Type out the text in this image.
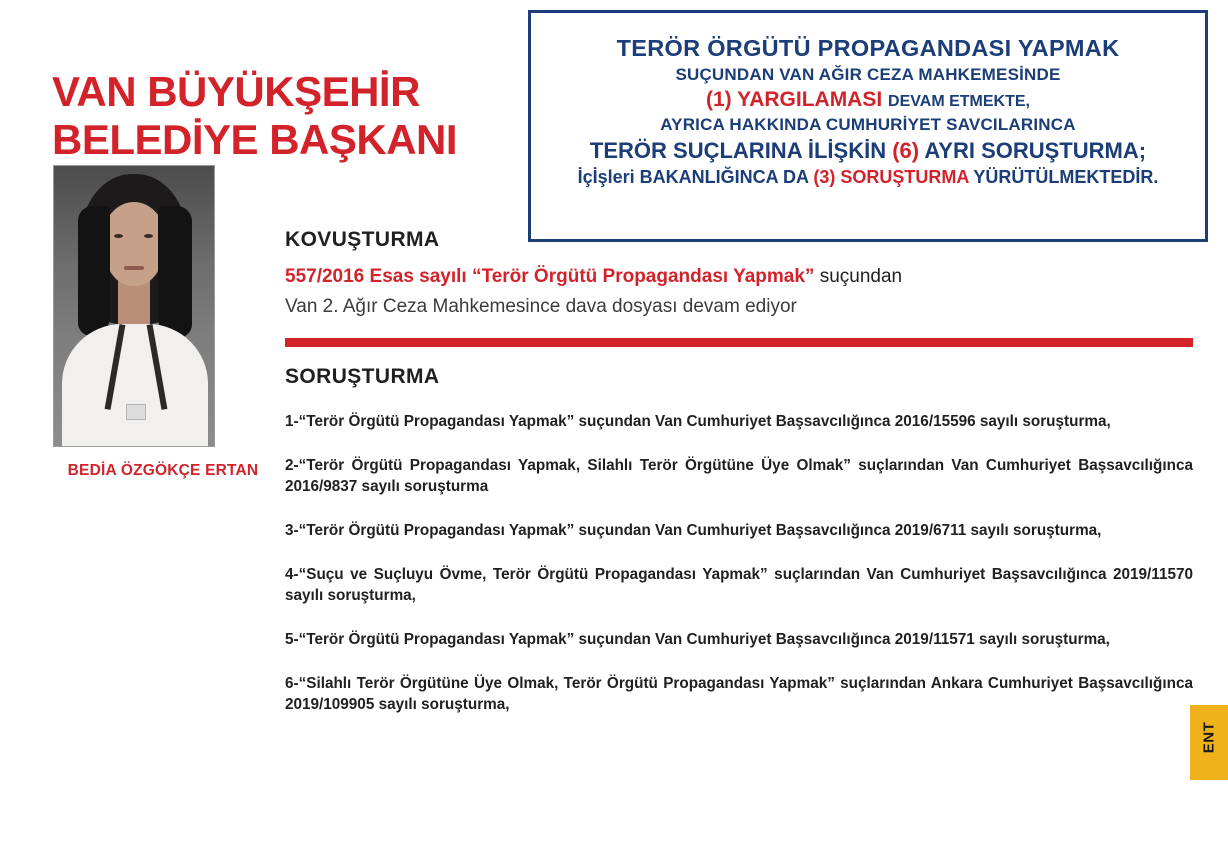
VAN BÜYÜKŞEHİR
BELEDİYE BAŞKANI
BEDİA ÖZGÖKÇE ERTAN
TERÖR ÖRGÜTÜ PROPAGANDASI YAPMAK
SUÇUNDAN VAN AĞIR CEZA MAHKEMESİNDE
(1) YARGILAMASI DEVAM ETMEKTE,
AYRICA HAKKINDA CUMHURİYET SAVCILARINCA
TERÖR SUÇLARINA İLİŞKİN (6) AYRI SORUŞTURMA;
İçİşleri BAKANLIĞINCA DA (3) SORUŞTURMA YÜRÜTÜLMEKTEDİR.
KOVUŞTURMA

557/2016 Esas sayılı “Terör Örgütü Propagandası Yapmak” suçundan

Van 2. Ağır Ceza Mahkemesince dava dosyası devam ediyor

SORUŞTURMA
1-“Terör Örgütü Propagandası Yapmak” suçundan Van Cumhuriyet Başsavcılığınca 2016/15596 sayılı soruşturma,
2-“Terör Örgütü Propagandası Yapmak, Silahlı Terör Örgütüne Üye Olmak” suçlarından Van Cumhuriyet Başsavcılığınca 2016/9837 sayılı soruşturma
3-“Terör Örgütü Propagandası Yapmak” suçundan Van Cumhuriyet Başsavcılığınca 2019/6711 sayılı soruşturma,
4-“Suçu ve Suçluyu Övme, Terör Örgütü Propagandası Yapmak” suçlarından Van Cumhuriyet Başsavcılığınca 2019/11570 sayılı soruşturma,
5-“Terör Örgütü Propagandası Yapmak” suçundan Van Cumhuriyet Başsavcılığınca 2019/11571 sayılı soruşturma,
6-“Silahlı Terör Örgütüne Üye Olmak, Terör Örgütü Propagandası Yapmak” suçlarından Ankara Cumhuriyet Başsavcılığınca 2019/109905 sayılı soruşturma,
ENT
